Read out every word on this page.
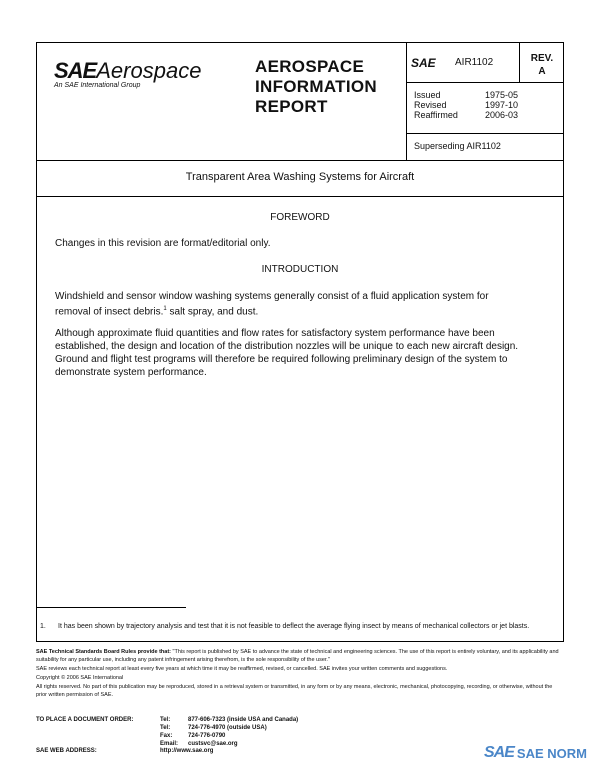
SAEAerospace
An SAE International Group
AEROSPACE
INFORMATION
REPORT
SAE AIR1102	REV.
A
Issued	1975-05
Revised	1997-10
Reaffirmed	2006-03
Superseding AIR1102
Transparent Area Washing Systems for Aircraft
FOREWORD
Changes in this revision are format/editorial only.
INTRODUCTION
Windshield and sensor window washing systems generally consist of a fluid application system for
removal of insect debris.$^1$ salt spray, and dust.
Although approximate fluid quantities and flow rates for satisfactory system performance have been established, the design and location of the distribution nozzles will be unique to each new aircraft design. Ground and flight test programs will therefore be required following preliminary design of the system to demonstrate system performance.
1. It has been shown by trajectory analysis and test that it is not feasible to deflect the average flying insect by means of mechanical collectors or jet blasts.

SAE Technical Standards Board Rules provide that: "This report is published by SAE to advance the state of technical and engineering sciences. The use of this report is entirely voluntary, and its applicability and suitability for any particular use, including any patent infringement arising therefrom, is the sole responsibility of the user."

SAE reviews each technical report at least every five years at which time it may be reaffirmed, revised, or cancelled. SAE invites your written comments and suggestions.

Copyright © 2006 SAE International

All rights reserved. No part of this publication may be reproduced, stored in a retrieval system or transmitted, in any form or by any means, electronic, mechanical, photocopying, recording, or otherwise, without the prior written permission of SAE.

TO PLACE A DOCUMENT ORDER:	Tel:	877-606-7323 (inside USA and Canada)
Tel:	724-776-4970 (outside USA)
Fax:	724-776-0790
Email:	custsvc@sae.org
SAE WEB ADDRESS:	http://www.sae.org	SAE SAE NORM
